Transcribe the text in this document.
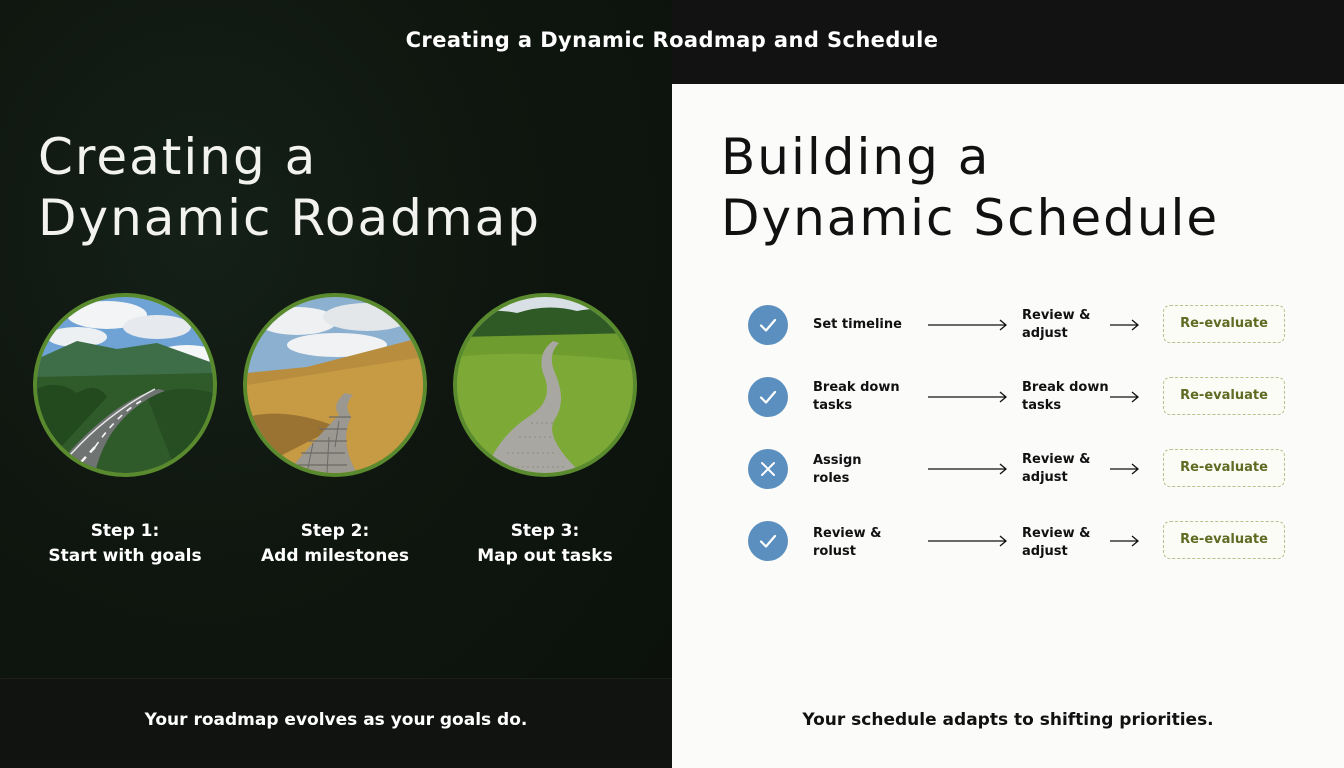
Creating a Dynamic Roadmap and Schedule
Creating a
Dynamic Roadmap
Building a
Dynamic Schedule
Step 1:
Start with goals
Step 2:
Add milestones
Step 3:
Map out tasks
Set timeline
Review &
adjust
Re-evaluate
Break down
tasks
Break down
tasks
Re-evaluate
Assign
roles
Review &
adjust
Re-evaluate
Review &
rolust
Review &
adjust
Re-evaluate
Your roadmap evolves as your goals do.	Your schedule adapts to shifting priorities.
